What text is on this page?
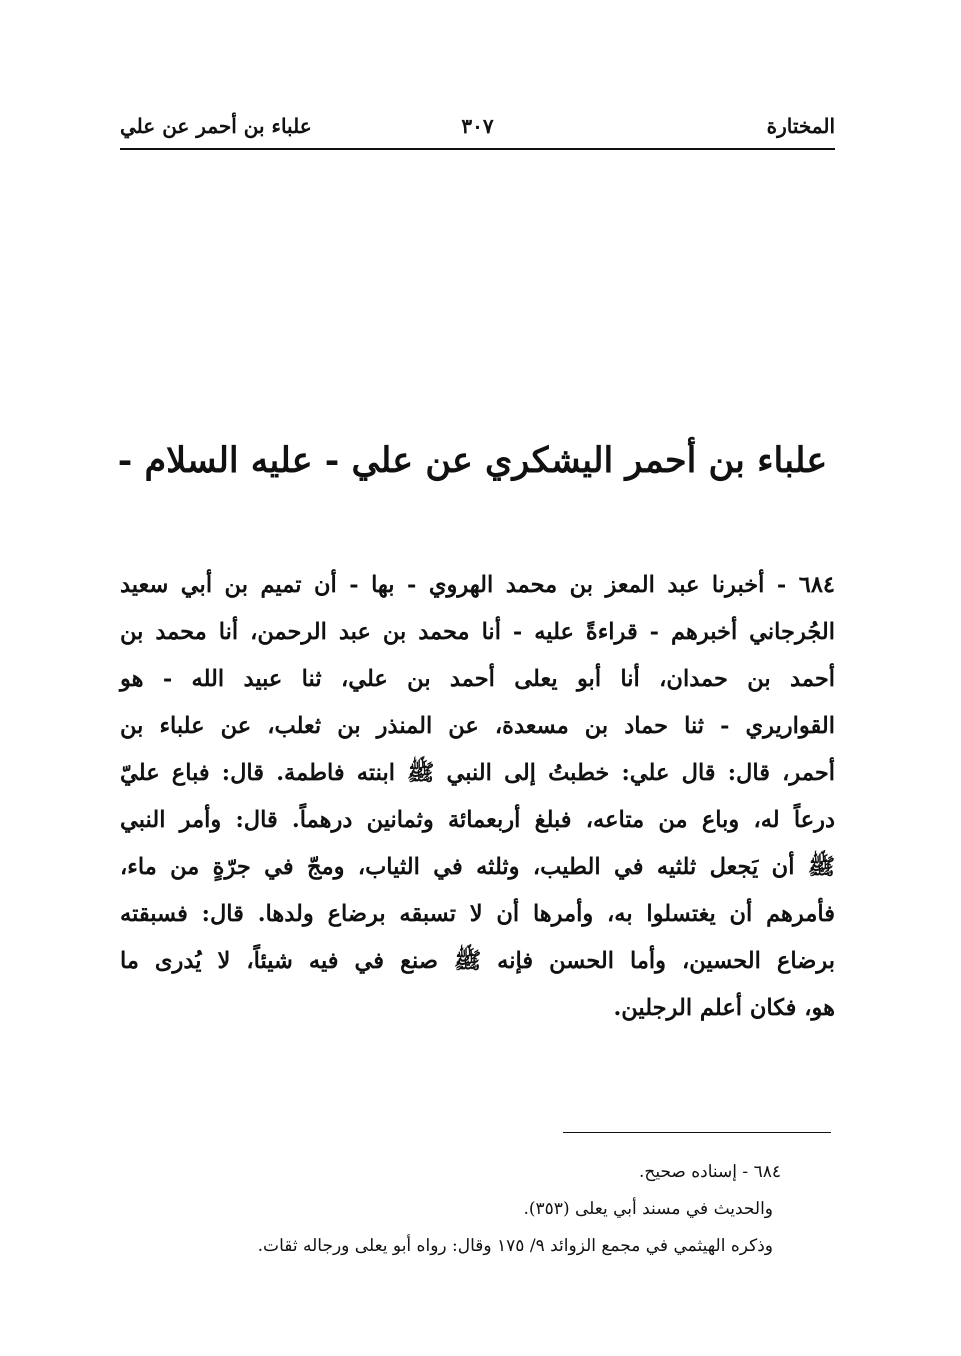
المختارة
٣٠٧
علباء بن أحمر عن علي
علباء بن أحمر اليشكري عن علي - عليه السلام -
٦٨٤ - أخبرنا عبد المعز بن محمد الهروي - بها - أن تميم بن أبي سعيد
الجُرجاني أخبرهم - قراءةً عليه - أنا محمد بن عبد الرحمن، أنا محمد بن
أحمد بن حمدان، أنا أبو يعلى أحمد بن علي، ثنا عبيد الله - هو
القواريري - ثنا حماد بن مسعدة، عن المنذر بن ثعلب، عن علباء بن
أحمر، قال: قال علي: خطبتُ إلى النبي ﷺ ابنته فاطمة. قال: فباع عليّ
درعاً له، وباع من متاعه، فبلغ أربعمائة وثمانين درهماً. قال: وأمر النبي
ﷺ أن يَجعل ثلثيه في الطيب، وثلثه في الثياب، ومجّ في جرّةٍ من ماء،
فأمرهم أن يغتسلوا به، وأمرها أن لا تسبقه برضاع ولدها. قال: فسبقته
برضاع الحسين، وأما الحسن فإنه ﷺ صنع في فيه شيئاً، لا يُدرى ما
هو، فكان أعلم الرجلين.
٦٨٤ - إسناده صحيح.
والحديث في مسند أبي يعلى (٣٥٣).
وذكره الهيثمي في مجمع الزوائد ٩/ ١٧٥ وقال: رواه أبو يعلى ورجاله ثقات.
